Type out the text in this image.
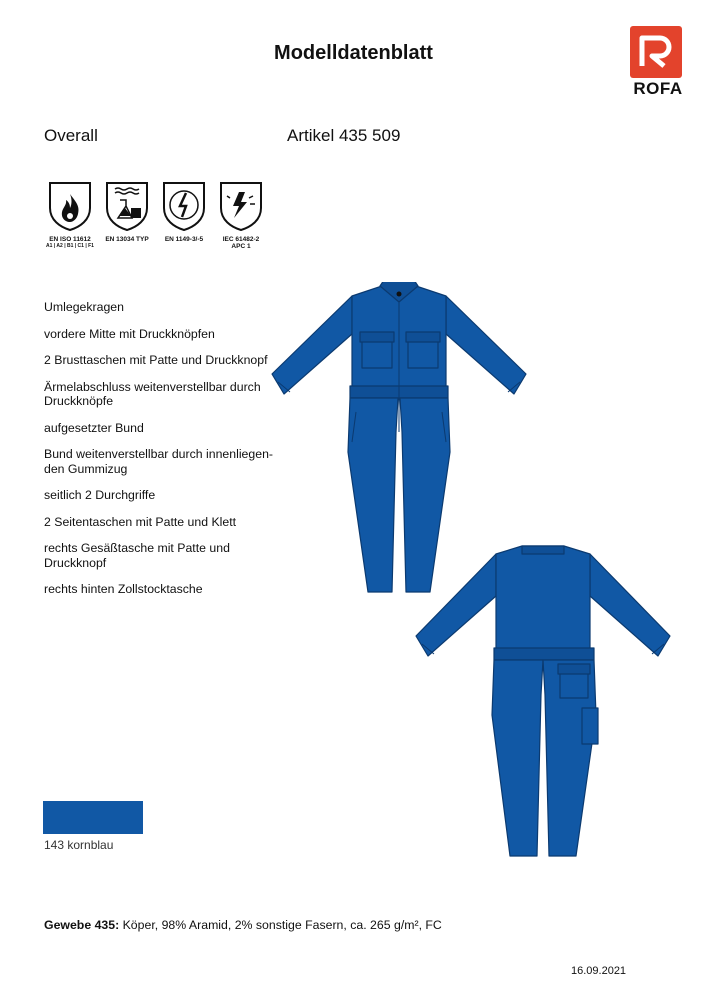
Modelldatenblatt
ROFA
Overall	Artikel 435 509
EN ISO 11612
A1 | A2 | B1 | C1 | F1
EN 13034 TYP	EN 1149-3/-5	IEC 61482-2
APC 1
Umlegekragen
vordere Mitte mit Druckknöpfen
2 Brusttaschen mit Patte und Druckknopf
Ärmelabschluss weitenverstellbar durch Druckknöpfe
aufgesetzter Bund
Bund weitenverstellbar durch innenliegen- den Gummizug
seitlich 2 Durchgriffe
2 Seitentaschen mit Patte und Klett
rechts Gesäßtasche mit Patte und Druckknopf
rechts hinten Zollstocktasche
143 kornblau
Gewebe 435: Köper, 98% Aramid, 2% sonstige Fasern, ca. 265 g/m², FC
16.09.2021
